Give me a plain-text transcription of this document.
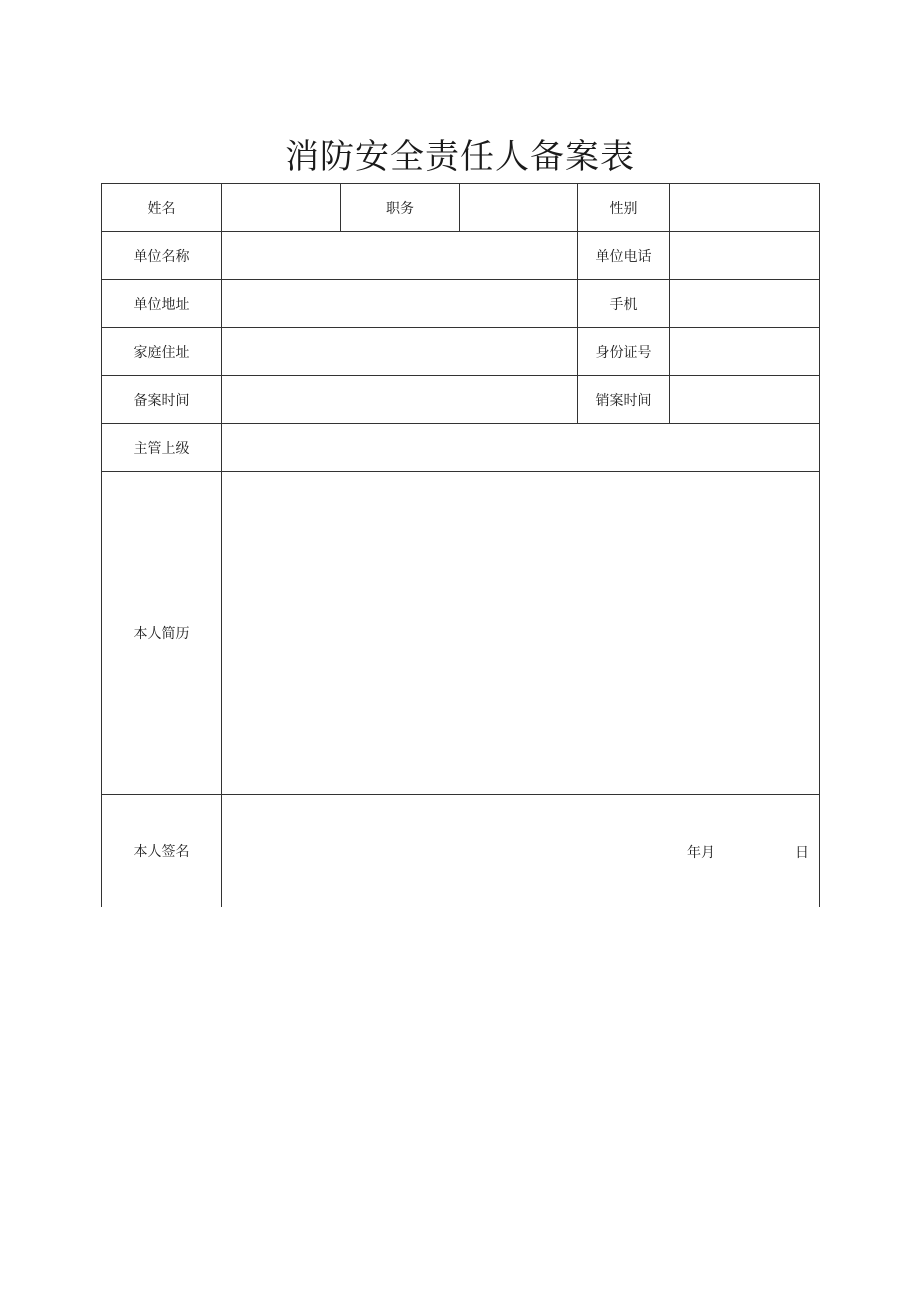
消防安全责任人备案表
姓名		职务		性别	
单位名称				单位电话	
单位地址				手机	
家庭住址				身份证号	
备案时间				销案时间	
主管上级					
本人简历					
本人签名	年月 日				
